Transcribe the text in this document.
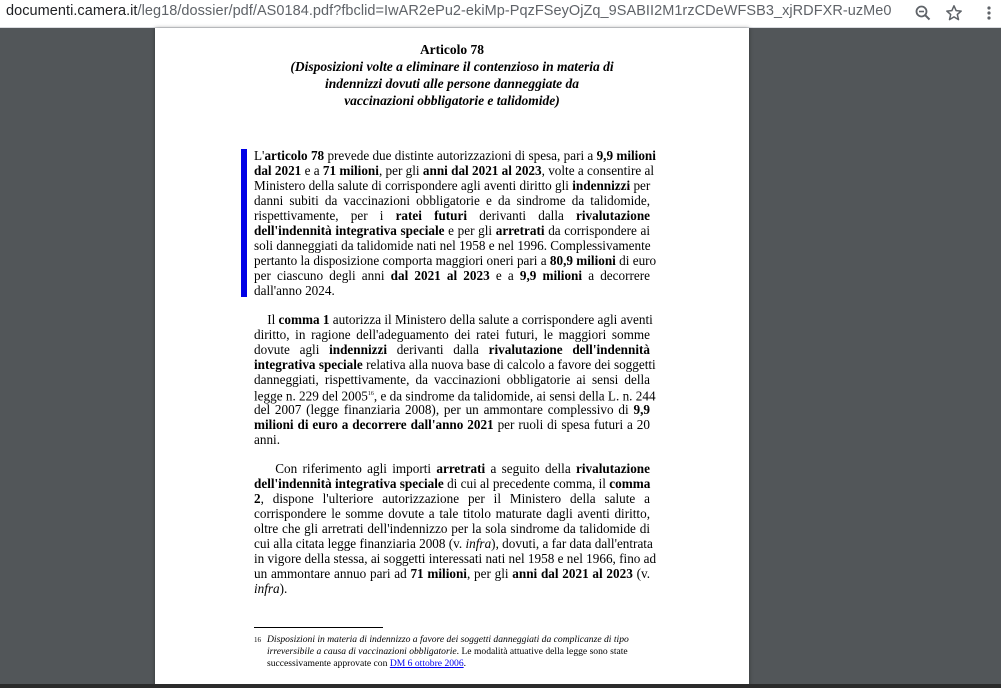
documenti.camera.it/leg18/dossier/pdf/AS0184.pdf?fbclid=IwAR2ePu2-ekiMp-PqzFSeyOjZq_9SABII2M1rzCDeWFSB3_xjRDFXR-uzMe0
Articolo 78
(Disposizioni volte a eliminare il contenzioso in materia di
indennizzi dovuti alle persone danneggiate da
vaccinazioni obbligatorie e talidomide)
L'articolo 78 prevede due distinte autorizzazioni di spesa, pari a 9,9 milioni
dal 2021 e a 71 milioni, per gli anni dal 2021 al 2023, volte a consentire al
Ministero della salute di corrispondere agli aventi diritto gli indennizzi per
danni subiti da vaccinazioni obbligatorie e da sindrome da talidomide,
rispettivamente, per i ratei futuri derivanti dalla rivalutazione
dell'indennità integrativa speciale e per gli arretrati da corrispondere ai
soli danneggiati da talidomide nati nel 1958 e nel 1996. Complessivamente
pertanto la disposizione comporta maggiori oneri pari a 80,9 milioni di euro
per ciascuno degli anni dal 2021 al 2023 e a 9,9 milioni a decorrere
dall'anno 2024.
Il comma 1 autorizza il Ministero della salute a corrispondere agli aventi
diritto, in ragione dell'adeguamento dei ratei futuri, le maggiori somme
dovute agli indennizzi derivanti dalla rivalutazione dell'indennità
integrativa speciale relativa alla nuova base di calcolo a favore dei soggetti
danneggiati, rispettivamente, da vaccinazioni obbligatorie ai sensi della
legge n. 229 del 2005$^{16}$, e da sindrome da talidomide, ai sensi della L. n. 244
del 2007 (legge finanziaria 2008), per un ammontare complessivo di 9,9
milioni di euro a decorrere dall'anno 2021 per ruoli di spesa futuri a 20
anni.
Con riferimento agli importi arretrati a seguito della rivalutazione
dell'indennità integrativa speciale di cui al precedente comma, il comma
2, dispone l'ulteriore autorizzazione per il Ministero della salute a
corrispondere le somme dovute a tale titolo maturate dagli aventi diritto,
oltre che gli arretrati dell'indennizzo per la sola sindrome da talidomide di
cui alla citata legge finanziaria 2008 (v. infra), dovuti, a far data dall'entrata
in vigore della stessa, ai soggetti interessati nati nel 1958 e nel 1966, fino ad
un ammontare annuo pari ad 71 milioni, per gli anni dal 2021 al 2023 (v.
infra).
16 Disposizioni in materia di indennizzo a favore dei soggetti danneggiati da complicanze di tipo
irreversibile a causa di vaccinazioni obbligatorie. Le modalità attuative della legge sono state
successivamente approvate con DM 6 ottobre 2006.
